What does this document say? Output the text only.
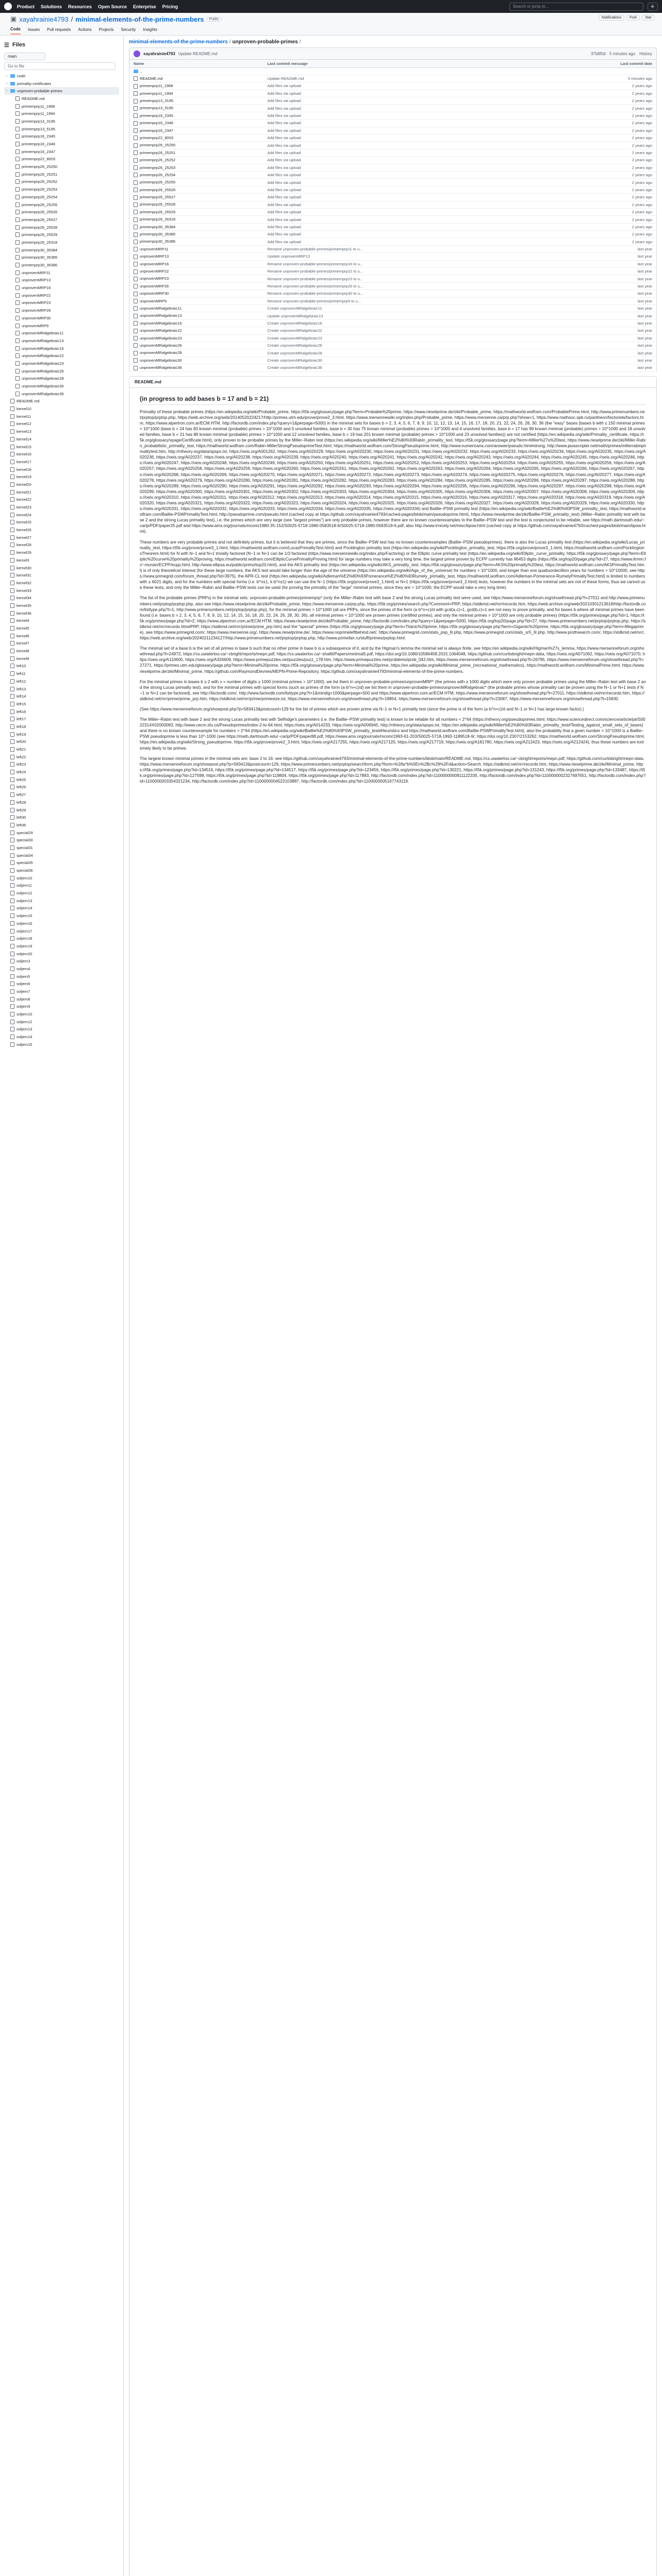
Product Solutions Resources Open Source Enterprise Pricing	Search or jump to...	⎆
▣ xayahrainie4793 / minimal-elements-of-the-prime-numbers	Public	Notifications	Fork	Star
Code Issues Pull requests Actions Projects Security Insights
☰ Files
main
Go to file
›	code
›	primality-certificates
›	unproven-probable-primes
README.md
primemprp11_1968
primemprp11_1994
primemprp13_3195
primemprp13_5195
primemprp16_2345
primemprp16_2346
primemprp16_2347
primemprp22_8003
primemprp26_25250
primemprp26_25251
primemprp26_25252
primemprp26_25253
primemprp26_25254
primemprp26_25255
primemprp26_25526
primemprp26_25527
primemprp26_25528
primemprp26_25529
primemprp26_26318
primemprp30_35384
primemprp30_35385
primemprp30_35386
unprovenMRP11
unprovenMRP13
unprovenMRP16
unprovenMRP22
unprovenMRP23
unprovenMRP26
unprovenMRP30
unprovenMRP9
unprovenMRalgebraic11
unprovenMRalgebraic13
unprovenMRalgebraic16
unprovenMRalgebraic22
unprovenMRalgebraic23
unprovenMRalgebraic26
unprovenMRalgebraic28
unprovenMRalgebraic30
unprovenMRalgebraic36
README.md
kernel10
kernel11
kernel12
kernel13
kernel14
kernel15
kernel16
kernel17
kernel18
kernel19
kernel20
kernel21
kernel22
kernel23
kernel24
kernel25
kernel26
kernel27
kernel28
kernel29
kernel3
kernel30
kernel31
kernel32
kernel33
kernel34
kernel35
kernel36
kernel4
kernel5
kernel6
kernel7
kernel8
kernel9
left10
left11
left12
left13
left14
left15
left16
left17
left18
left19
left20
left21
left22
left23
left24
left25
left26
left27
left28
left29
left30
left36
special29
special30
special31
special34
special35
special36
soljern10
soljern11
soljern12
soljern13
soljern14
soljern15
soljern16
soljern17
soljern18
soljern19
soljern20
soljern3
soljern4
soljern5
soljern6
soljern7
soljern8
soljern9
soljern10
soljern12
soljern13
soljern14
soljern15
minimal-elements-of-the-prime-numbers / unproven-probable-primes /
xayahrainie4793 Update README.md	37b8f0d · 5 minutes ago History
Name	Last commit message	Last commit date
..		
README.md	Update README.md	5 minutes ago
primemprp11_1968	Add files via upload	2 years ago
primemprp11_1994	Add files via upload	2 years ago
primemprp13_3195	Add files via upload	2 years ago
primemprp13_5195	Add files via upload	2 years ago
primemprp16_2345	Add files via upload	2 years ago
primemprp16_2346	Add files via upload	2 years ago
primemprp16_2347	Add files via upload	2 years ago
primemprp22_8003	Add files via upload	2 years ago
primemprp26_25250	Add files via upload	2 years ago
primemprp26_25251	Add files via upload	2 years ago
primemprp26_25252	Add files via upload	2 years ago
primemprp26_25253	Add files via upload	2 years ago
primemprp26_25254	Add files via upload	2 years ago
primemprp26_25255	Add files via upload	2 years ago
primemprp26_25526	Add files via upload	2 years ago
primemprp26_25527	Add files via upload	2 years ago
primemprp26_25528	Add files via upload	2 years ago
primemprp26_25529	Add files via upload	2 years ago
primemprp26_26318	Add files via upload	2 years ago
primemprp30_35384	Add files via upload	2 years ago
primemprp30_35385	Add files via upload	2 years ago
primemprp30_35386	Add files via upload	2 years ago
unprovenMRP11	Rename unproven-probable-primes/primemprp11 to u...	last year
unprovenMRP13	Update unprovenMRP13	last year
unprovenMRP16	Rename unproven-probable-primes/primemprp16 to u...	last year
unprovenMRP22	Rename unproven-probable-primes/primemprp22 to u...	last year
unprovenMRP23	Rename unproven-probable-primes/primemprp23 to u...	last year
unprovenMRP26	Rename unproven-probable-primes/primemprp26 to u...	last year
unprovenMRP30	Rename unproven-probable-primes/primemprp30 to u...	last year
unprovenMRP9	Rename unproven-probable-primes/primemprp9 to u...	last year
unprovenMRalgebraic11	Create unprovenMRalgebraic11	last year
unprovenMRalgebraic13	Update unprovenMRalgebraic13	last year
unprovenMRalgebraic16	Create unprovenMRalgebraic16	last year
unprovenMRalgebraic22	Create unprovenMRalgebraic22	last year
unprovenMRalgebraic23	Create unprovenMRalgebraic23	last year
unprovenMRalgebraic26	Create unprovenMRalgebraic26	last year
unprovenMRalgebraic28	Create unprovenMRalgebraic28	last year
unprovenMRalgebraic30	Create unprovenMRalgebraic30	last year
unprovenMRalgebraic36	Create unprovenMRalgebraic36	last year
README.md
(in progress to add bases b = 17 and b = 21)

Primality of these probable primes (https://en.wikipedia.org/wiki/Probable_prime, https://t5k.org/glossary/page.php?term=Probable%20prime, https://www.rieselprime.de/ziki/Probable_prime, https://mathworld.wolfram.com/ProbablePrime.html, http://www.primenumbers.net/prptop/prptop.php, https://web.archive.org/web/20140520224217/http://primes.utm.edu/prove/prove2_3.html, https://www.mersennewiki.org/index.php/Probable_prime, https://www.mersenne.ca/prp.php?show=1, https://www.mathsoc.spb.ru/pantheon/factoriels/factors.htm, https://www.alpertron.com.ar/ECM.HTM, http://factordb.com/index.php?query=1&perpage=5000) in the minimal sets for bases b = 2, 3, 4, 5, 6, 7, 8, 9, 10, 11, 12, 13, 14, 15, 16, 17, 18, 20, 21, 22, 24, 26, 28, 30, 36 (the "easy" bases (bases b with ≤ 150 minimal primes > 10^1000 (base b = 24 has 83 known minimal (probable) primes > 10^1000 and 0 unsolved families, base b = 30 has 75 known minimal (probable) primes > 10^1000 and 4 unsolved families, base b = 17 has 99 known minimal (probable) primes > 10^1000 and 18 unsolved families, base b = 21 has 86 known minimal (probable) primes > 10^1000 and 12 unsolved families, base b = 19 has 201 known minimal (probable) primes > 10^1000 and 23 unsolved families)) are not certified (https://en.wikipedia.org/wiki/Primality_certificate, https://t5k.org/glossary/xpage/Certificate.html), only proven to be probable primes by the Miller–Rabin test (https://en.wikipedia.org/wiki/Miller%E2%80%93Rabin_primality_test, https://t5k.org/glossary/page.php?term=Miller%27s%20test, https://www.rieselprime.de/ziki/Miller-Rabin_probabilistic_primality_test, https://mathworld.wolfram.com/Rabin-MillerStrongPseudoprimeTest.html, https://mathworld.wolfram.com/StrongPseudoprime.html, http://www.numericana.com/answer/pseudo.htm#strong, http://www.javascripter.net/math/primes/millerrabinprimalitytest.htm, http://ntheory.org/data/spsps.txt, https://oeis.org/A001262, https://oeis.org/A020229, https://oeis.org/A020230, https://oeis.org/A020231, https://oeis.org/A020232, https://oeis.org/A020233, https://oeis.org/A020234, https://oeis.org/A020235, https://oeis.org/A020236, https://oeis.org/A020237, https://oeis.org/A020238, https://oeis.org/A020239, https://oeis.org/A020240, https://oeis.org/A020241, https://oeis.org/A020242, https://oeis.org/A020243, https://oeis.org/A020244, https://oeis.org/A020245, https://oeis.org/A020246, https://oeis.org/A020247, https://oeis.org/A020248, https://oeis.org/A020249, https://oeis.org/A020250, https://oeis.org/A020251, https://oeis.org/A020252, https://oeis.org/A020253, https://oeis.org/A020254, https://oeis.org/A020255, https://oeis.org/A020256, https://oeis.org/A020257, https://oeis.org/A020258, https://oeis.org/A020259, https://oeis.org/A020260, https://oeis.org/A020261, https://oeis.org/A020262, https://oeis.org/A020263, https://oeis.org/A020264, https://oeis.org/A020265, https://oeis.org/A020266, https://oeis.org/A020267, https://oeis.org/A020268, https://oeis.org/A020269, https://oeis.org/A020270, https://oeis.org/A020271, https://oeis.org/A020272, https://oeis.org/A020273, https://oeis.org/A020274, https://oeis.org/A020275, https://oeis.org/A020276, https://oeis.org/A020277, https://oeis.org/A020278, https://oeis.org/A020279, https://oeis.org/A020280, https://oeis.org/A020281, https://oeis.org/A020282, https://oeis.org/A020283, https://oeis.org/A020284, https://oeis.org/A020285, https://oeis.org/A020286, https://oeis.org/A020287, https://oeis.org/A020288, https://oeis.org/A020289, https://oeis.org/A020290, https://oeis.org/A020291, https://oeis.org/A020292, https://oeis.org/A020293, https://oeis.org/A020294, https://oeis.org/A020295, https://oeis.org/A020296, https://oeis.org/A020297, https://oeis.org/A020298, https://oeis.org/A020299, https://oeis.org/A020300, https://oeis.org/A020301, https://oeis.org/A020302, https://oeis.org/A020303, https://oeis.org/A020304, https://oeis.org/A020305, https://oeis.org/A020306, https://oeis.org/A020307, https://oeis.org/A020308, https://oeis.org/A020309, https://oeis.org/A020310, https://oeis.org/A020311, https://oeis.org/A020312, https://oeis.org/A020313, https://oeis.org/A020314, https://oeis.org/A020315, https://oeis.org/A020316, https://oeis.org/A020317, https://oeis.org/A020318, https://oeis.org/A020319, https://oeis.org/A020320, https://oeis.org/A020321, https://oeis.org/A020322, https://oeis.org/A020323, https://oeis.org/A020324, https://oeis.org/A020325, https://oeis.org/A020326, https://oeis.org/A020327, https://oeis.org/A020328, https://oeis.org/A020329, https://oeis.org/A020330, https://oeis.org/A020331, https://oeis.org/A020332, https://oeis.org/A020333, https://oeis.org/A020334, https://oeis.org/A020335, https://oeis.org/A020336) and Baillie–PSW primality test (https://en.wikipedia.org/wiki/Baillie%E2%80%93PSW_primality_test, https://mathworld.wolfram.com/Baillie-PSWPrimalityTest.html, http://pseudoprime.com/pseudo.html (cached copy at https://github.com/xayahrainie4793/cached-pages/blob/main/pseudoprime.html), https://www.rieselprime.de/ziki/Baillie-PSW_primality_test) (Miller–Rabin primality test with base 2 and the strong Lucas primality test), i.e. the primes which are very large (see "largest primes") are only probable primes, however there are no known counterexamples to the Baillie–PSW test and the test is conjectured to be reliable, see https://math.dartmouth.edu/~carlp/PDF/paper25.pdf and https://www.ams.org/journals/mcom/1980-35-152/S0025-5718-1980-0583518-6/S0025-5718-1980-0583518-6.pdf, also http://www.trnicely.net/misc/bpsw.html (cached copy at https://github.com/xayahrainie4793/cached-pages/blob/main/bpsw.html).

These numbers are very probable primes and not definitely primes, but it is believed that they are primes, since the Baillie–PSW test has no known counterexamples (Baillie–PSW pseudoprimes), there is also the Lucas primality test (https://en.wikipedia.org/wiki/Lucas_primality_test, https://t5k.org/prove/prove3_1.html, https://mathworld.wolfram.com/LucasPrimalityTest.html) and Pocklington primality test (https://en.wikipedia.org/wiki/Pocklington_primality_test, https://t5k.org/prove/prove3_1.html, https://mathworld.wolfram.com/PocklingtonsTheorem.html) for N with N−1 and N+1 trivially factored (N−1 or N+1 can be 1/3 factored (https://www.mersennewiki.org/index.php/Factoring) or the Elliptic curve primality test (https://en.wikipedia.org/wiki/Elliptic_curve_primality, https://t5k.org/glossary/page.php?term=Elliptic%20curve%20primality%20proving, https://mathworld.wolfram.com/EllipticCurvePrimalityProving.html) for large numbers may take a very long time, the largest prime proven by ECPP currently has 86453 digits (https://t5k.org/top20/page.php?id=27, https://www.lirmm.fr/~morain/ECPP/ecpp.html, http://www.ellipsa.eu/public/primo/top20.html), and the AKS primality test (https://en.wikipedia.org/wiki/AKS_primality_test, https://t5k.org/glossary/page.php?term=AKS%20primality%20test, https://mathworld.wolfram.com/AKSPrimalityTest.html) is of only theoretical interest (for these large numbers, the AKS test would take longer than the age of the universe (https://en.wikipedia.org/wiki/Age_of_the_universe) for numbers > 10^1000, and longer than one quattuordecillion years for numbers > 10^10000, see https://www.primegrid.com/forum_thread.php?id=3975), the APR-CL test (https://en.wikipedia.org/wiki/Adleman%E2%80%93Pomerance%E2%80%93Rumely_primality_test, https://mathworld.wolfram.com/Adleman-Pomerance-RumelyPrimalityTest.html) is limited to numbers with ≤ 6021 digits, and for the numbers with special forms (i.e. b^n±1, k·b^n±1) we can use the N−1 (https://t5k.org/prove/prove3_1.html) or N+1 (https://t5k.org/prove/prove3_2.html) tests, however the numbers in the minimal sets are not of these forms, thus we cannot use these tests, and only the Miller–Rabin and Baillie–PSW tests can be used (for proving the primality of the "large" minimal primes, since they are > 10^1000, the ECPP would take a very long time).

The list of the probable primes (PRPs) in the minimal sets: unproven-probable-primes/primemprp* (only the Miller–Rabin test with base 2 and the strong Lucas primality test were used, see https://www.mersenneforum.org/showthread.php?t=27011 and http://www.primenumbers.net/prptop/prptop.php, also see https://www.rieselprime.de/ziki/Probable_prime, https://www.mersenne.ca/prp.php, https://t5k.org/primes/search.php?Comment=PRP, https://stdkmd.net/nrr/records.htm, https://web.archive.org/web/20210301213618/http://factordb.com/listtype.php?t=1, http://www.primenumbers.net/prptop/prptop.php), for the minimal primes > 10^1000 (all are PRPs, since the primes of the form (a·b^n+c)/d with gcd(a,c)=1, gcd(b,c)=1 are not easy to prove primality, and for bases b where all minimal primes have been found (i.e. bases b = 2, 3, 4, 5, 6, 7, 8, 9, 10, 12, 14, 15, 16, 18, 20, 22, 24, 26, 28, 30, 36), all minimal primes < 10^1000 are proven primes (certified primes), and only the minimal primes > 10^1000 are only probable primes) (https://t5k.org/primes/page.php?id=1, https://t5k.org/primes/page.php?id=2, https://www.alpertron.com.ar/ECM.HTM, https://www.rieselprime.de/ziki/Probable_prime, http://factordb.com/index.php?query=1&perpage=5000, https://t5k.org/top20/page.php?id=27, http://www.primenumbers.net/prptop/prptop.php, https://stdkmd.net/nrr/records.htm#PRP, https://stdkmd.net/nrr/prime/prime_prp.htm) and the "special" primes (https://t5k.org/glossary/page.php?term=Titanic%20prime, https://t5k.org/glossary/page.php?term=Gigantic%20prime, https://t5k.org/glossary/page.php?term=Megaprime), see https://www.primegrid.com/, https://www.mersenne.org/, https://www.rieselprime.de/, https://www.noprimeleftbehind.net/, https://www.primegrid.com/stats_psp_llr.php, https://www.primegrid.com/stats_sr5_llr.php, http://www.prothsearch.com/, https://stdkmd.net/nrr/, https://web.archive.org/web/20240211234127/http://www.primenumbers.net/prptop/prptop.php, http://www.primefan.ru/stuff/primes/prptop.html.

The minimal set of a base b is the set of all primes in base b such that no other prime in base b is a subsequence of it, and by the Higman's lemma the minimal set is always finite, see https://en.wikipedia.org/wiki/Higman%27s_lemma, https://www.mersenneforum.org/showthread.php?t=24972, https://cs.uwaterloo.ca/~cbright/reports/mepn.pdf, https://cs.uwaterloo.ca/~shallit/Papers/minimal5.pdf, https://doi.org/10.1080/10586458.2015.1064048, https://github.com/curtisbright/mepn-data, https://oeis.org/A071062, https://oeis.org/A071070, https://oeis.org/A110600, https://oeis.org/A326609, https://www.primepuzzles.net/puzzles/puzz_178.htm, https://www.primepuzzles.net/problems/prob_042.htm, https://www.mersenneforum.org/showthread.php?t=26795, https://www.mersenneforum.org/showthread.php?t=27271, https://primes.utm.edu/glossary/page.php?term=Minimal%20prime, https://t5k.org/glossary/page.php?term=Minimal%20prime, https://en.wikipedia.org/wiki/Minimal_prime_(recreational_mathematics), https://mathworld.wolfram.com/MinimalPrime.html, https://www.rieselprime.de/ziki/Minimal_prime, https://github.com/RaymondDevries/MEPN-Prime-Repository, https://github.com/xayahrainie4793/minimal-elements-of-the-prime-numbers.

For the minimal primes in bases b ≥ 2 with x = number of digits ≥ 1000 (minimal primes > 10^1000), we list them in unproven-probable-primes/unprovenMRP* (the primes with ≥ 1000 digits which were only proven probable primes using the Miller–Rabin test with base 2 and the strong Lucas primality test), and for the minimal primes with special forms (such as primes of the form (a·b^n+c)/d) we list them in unproven-probable-primes/unprovenMRalgebraic* (the probable primes whose primality can be proven using the N−1 or N+1 tests if N−1 or N+1 can be factored), see http://factordb.com/, http://www.factordb.com/listtype.php?t=1&mindig=1000&perpage=500 and https://www.alpertron.com.ar/ECM.HTM, https://www.mersenneforum.org/showthread.php?t=27011, https://stdkmd.net/nrr/records.htm, https://stdkmd.net/nrr/prime/prime_prp.htm, https://stdkmd.net/nrr/prime/primesize.txt, https://www.mersenneforum.org/showthread.php?t=19854, https://www.mersenneforum.org/showthread.php?t=23087, https://www.mersenneforum.org/showthread.php?t=15830.

(See https://www.mersenneforum.org/showpost.php?p=583413&postcount=129 for the list of primes which are proven prime via N−1 or N+1 primality test (since the prime is of the form (a·b^n+c)/d and N−1 or N+1 has large known factor).)

The Miller–Rabin test with base 2 and the strong Lucas primality test with Selfridge's parameters (i.e. the Baillie–PSW primality test) is known to be reliable for all numbers < 2^64 (https://ntheory.org/pseudoprimes.html, https://www.sciencedirect.com/science/article/pii/S0022314X02000083, http://www.cecm.sfu.ca/Pseudoprimes/index-2-to-64.html, https://oeis.org/A014233, https://oeis.org/A006945, http://ntheory.org/data/spsps.txt, https://en.wikipedia.org/wiki/Miller%E2%80%93Rabin_primality_test#Testing_against_small_sets_of_bases) and there is no known counterexample for numbers > 2^64 (https://en.wikipedia.org/wiki/Baillie%E2%80%93PSW_primality_test#Heuristics and https://mathworld.wolfram.com/Baillie-PSWPrimalityTest.html), also the probability that a given number > 10^1000 is a Baillie–PSW pseudoprime is less than 10^-1000 (see https://math.dartmouth.edu/~carlp/PDF/paper88.pdf, https://www.ams.org/journals/mcom/1993-61-203/S0025-5718-1993-1189518-9/, https://doi.org/10.2307/2153262, https://mathworld.wolfram.com/StrongPseudoprime.html, https://en.wikipedia.org/wiki/Strong_pseudoprime, https://t5k.org/prove/prove2_3.html, https://oeis.org/A217255, https://oeis.org/A217120, https://oeis.org/A217719, https://oeis.org/A181780, https://oeis.org/A212423, https://oeis.org/A212424), thus these numbers are extremely likely to be primes.

The largest known minimal primes in the minimal sets are: base 2 to 16: see https://github.com/xayahrainie4793/minimal-elements-of-the-prime-numbers/blob/main/README.md, https://cs.uwaterloo.ca/~cbright/reports/mepn.pdf, https://github.com/curtisbright/mepn-data, https://www.mersenneforum.org/showpost.php?p=583413&postcount=129, https://www.primenumbers.net/prptop/searchform.php?form=%28a*b%5En%2Bc%29%2Fd&action=Search, https://stdkmd.net/nrr/records.htm, https://www.rieselprime.de/ziki/Minimal_prime, https://t5k.org/primes/page.php?id=134516, https://t5k.org/primes/page.php?id=134517, https://t5k.org/primes/page.php?id=123456, https://t5k.org/primes/page.php?id=130221, https://t5k.org/primes/page.php?id=131243, https://t5k.org/primes/page.php?id=133487, https://t5k.org/primes/page.php?id=127598, https://t5k.org/primes/page.php?id=119804, https://t5k.org/primes/page.php?id=117883, http://factordb.com/index.php?id=1100000000811122335, http://factordb.com/index.php?id=1100000002327497651, http://factordb.com/index.php?id=1100000003354321234, http://factordb.com/index.php?id=1100000004522103887, http://factordb.com/index.php?id=1100000005167743119.
